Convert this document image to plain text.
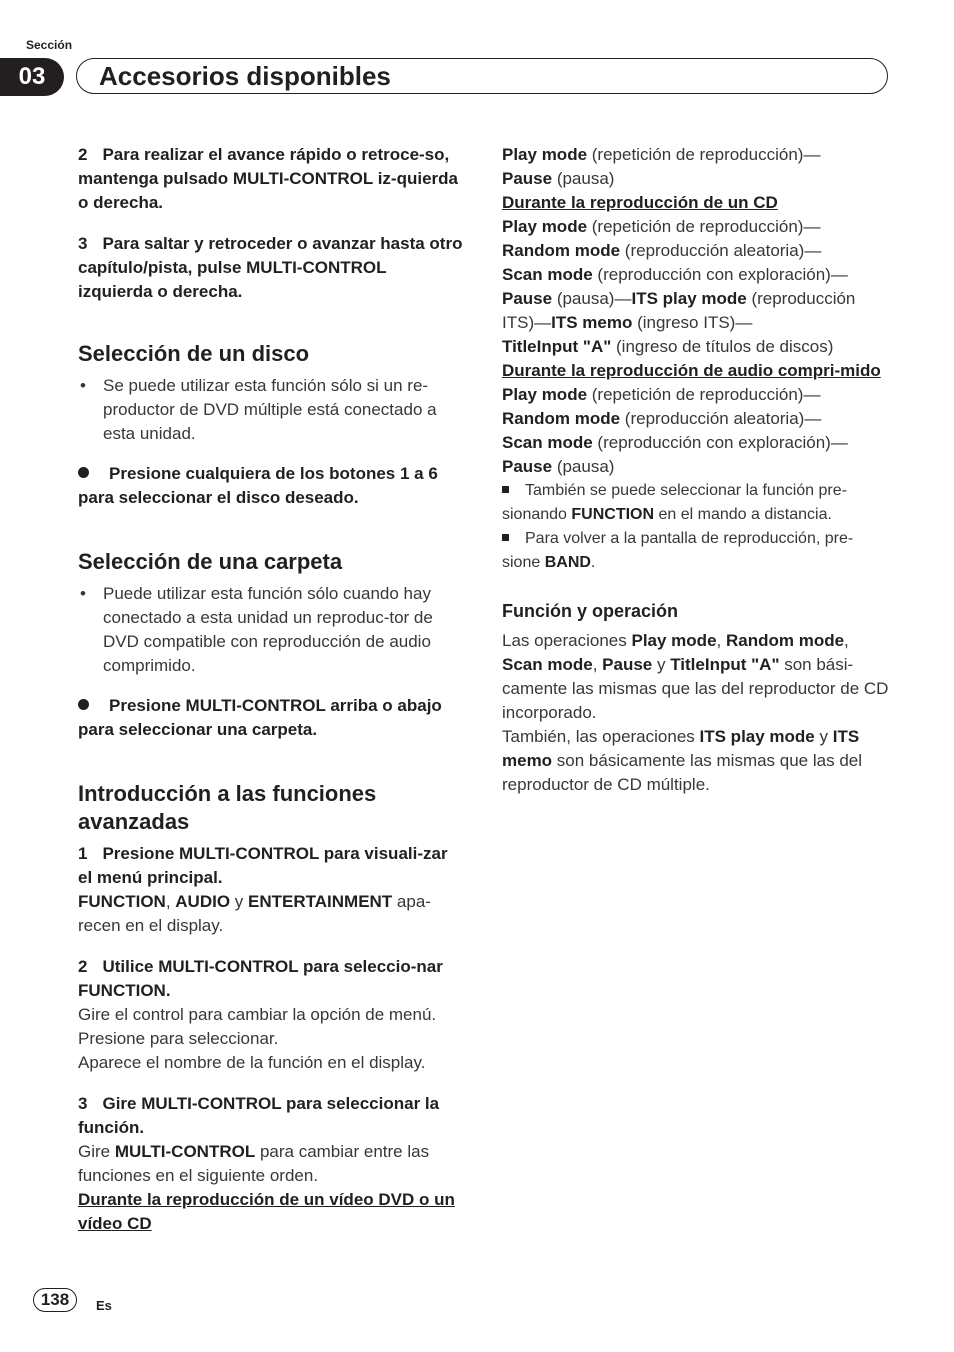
Sección
03	Accesorios disponibles

2 Para realizar el avance rápido o retroce-so, mantenga pulsado MULTI-CONTROL iz-quierda o derecha.

3 Para saltar y retroceder o avanzar hasta otro capítulo/pista, pulse MULTI-CONTROL izquierda o derecha.

Selección de un disco
• Se puede utilizar esta función sólo si un re-productor de DVD múltiple está conectado a esta unidad.

Presione cualquiera de los botones 1 a 6 para seleccionar el disco deseado.

Selección de una carpeta
• Puede utilizar esta función sólo cuando hay conectado a esta unidad un reproduc-tor de DVD compatible con reproducción de audio comprimido.

Presione MULTI-CONTROL arriba o abajo para seleccionar una carpeta.

Introducción a las funciones avanzadas

1 Presione MULTI-CONTROL para visuali-zar el menú principal.

FUNCTION, AUDIO y ENTERTAINMENT apa-recen en el display.

2 Utilice MULTI-CONTROL para seleccio-nar FUNCTION.

Gire el control para cambiar la opción de menú. Presione para seleccionar.

Aparece el nombre de la función en el display.

3 Gire MULTI-CONTROL para seleccionar la función.

Gire MULTI-CONTROL para cambiar entre las funciones en el siguiente orden.

Durante la reproducción de un vídeo DVD o un vídeo CD

Play mode (repetición de reproducción)—

Pause (pausa)

Durante la reproducción de un CD

Play mode (repetición de reproducción)—

Random mode (reproducción aleatoria)—

Scan mode (reproducción con exploración)—

Pause (pausa)—ITS play mode (reproducción

ITS)—ITS memo (ingreso ITS)—

TitleInput "A" (ingreso de títulos de discos)

Durante la reproducción de audio compri-mido

Play mode (repetición de reproducción)—

Random mode (reproducción aleatoria)—

Scan mode (reproducción con exploración)—

Pause (pausa)

También se puede seleccionar la función pre-sionando FUNCTION en el mando a distancia.

Para volver a la pantalla de reproducción, pre-sione BAND.

Función y operación

Las operaciones Play mode, Random mode, Scan mode, Pause y TitleInput "A" son bási-camente las mismas que las del reproductor de CD incorporado.

También, las operaciones ITS play mode y ITS memo son básicamente las mismas que las del reproductor de CD múltiple.

138	Es
